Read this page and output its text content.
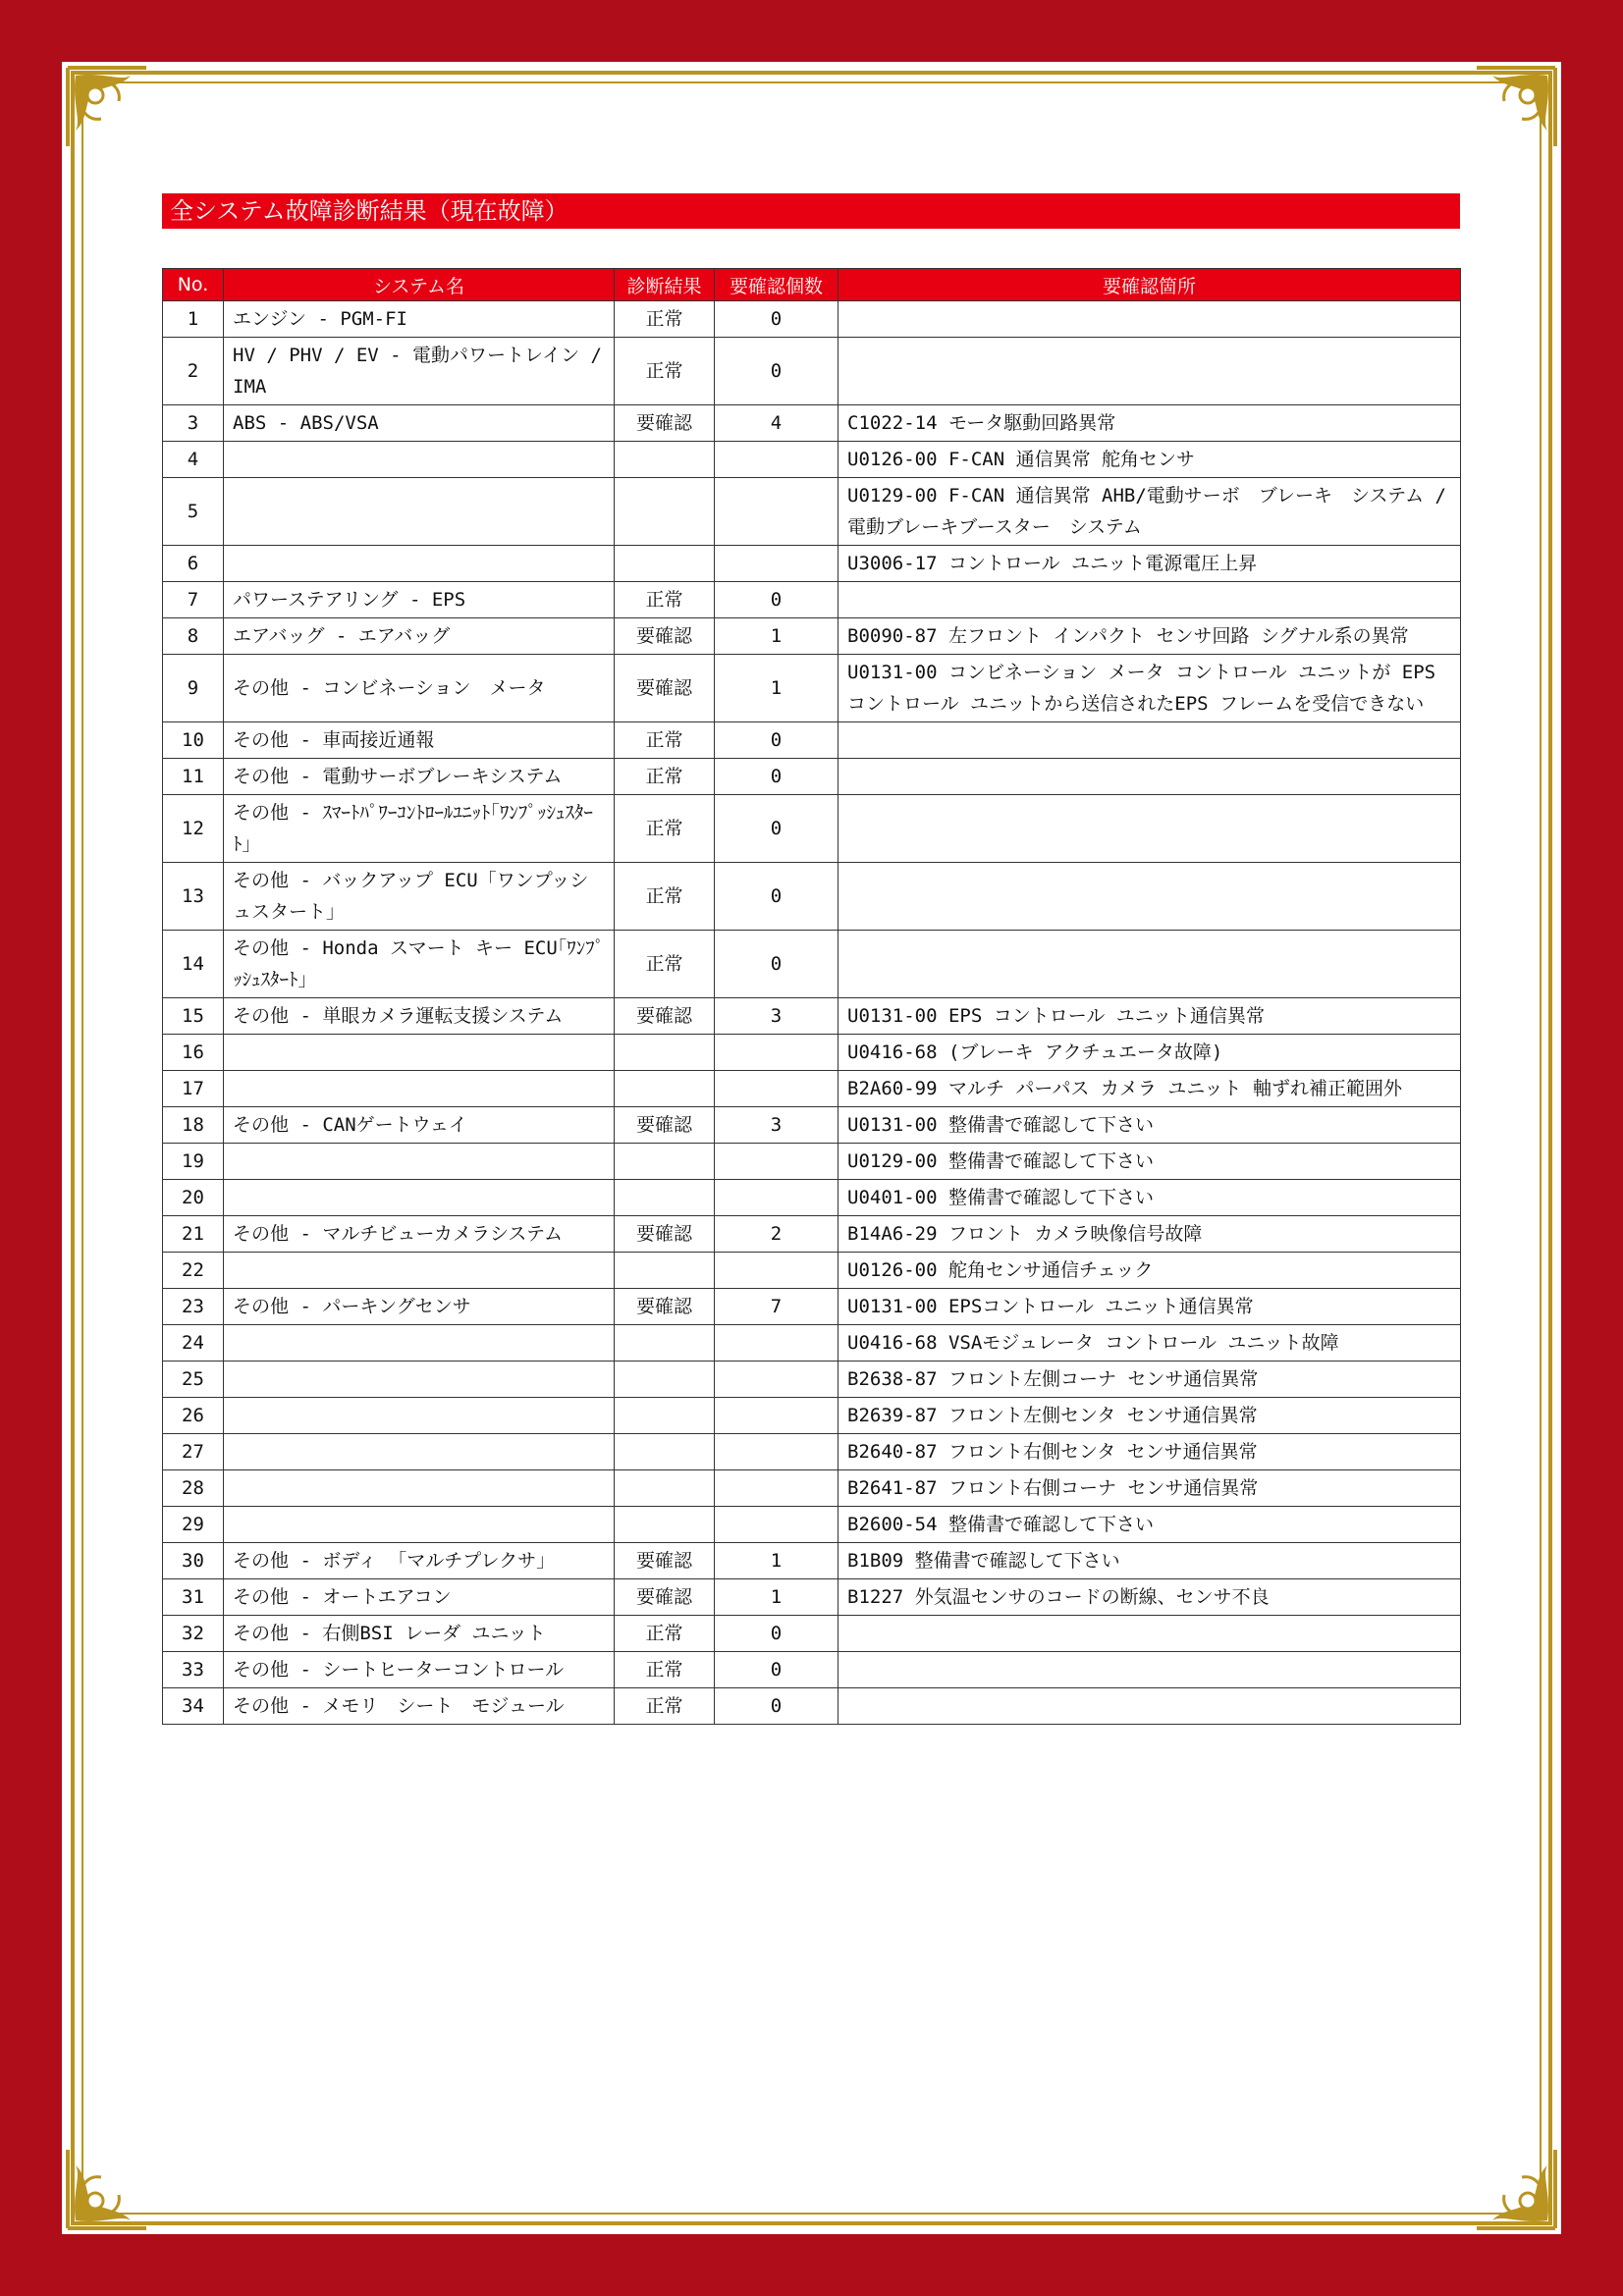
全システム故障診断結果（現在故障）
No.	システム名	診断結果	要確認個数	要確認箇所
1	エンジン - PGM-FI	正常	0	
2	HV / PHV / EV - 電動パワートレイン /IMA	正常	0	
3	ABS - ABS/VSA	要確認	4	C1022-14 モータ駆動回路異常
4				U0126-00 F-CAN 通信異常 舵角センサ
5				U0129-00 F-CAN 通信異常 AHB/電動サーボ　ブレーキ　システム /電動ブレーキブースター　システム
6				U3006-17 コントロール ユニット電源電圧上昇
7	パワーステアリング - EPS	正常	0	
8	エアバッグ - エアバッグ	要確認	1	B0090-87 左フロント インパクト センサ回路 シグナル系の異常
9	その他 - コンビネーション　メータ	要確認	1	U0131-00 コンビネーション メータ コントロール ユニットが EPS コントロール ユニットから送信されたEPS フレームを受信できない
10	その他 - 車両接近通報	正常	0	
11	その他 - 電動サーボブレーキシステム	正常	0	
12	その他 - ｽﾏｰﾄﾊﾟﾜｰｺﾝﾄﾛｰﾙﾕﾆｯﾄ｢ﾜﾝﾌﾟｯｼｭｽﾀｰﾄ｣	正常	0	
13	その他 - バックアップ ECU「ワンプッシュスタート」	正常	0	
14	その他 - Honda スマート キー ECU｢ﾜﾝﾌﾟｯｼｭｽﾀｰﾄ｣	正常	0	
15	その他 - 単眼カメラ運転支援システム	要確認	3	U0131-00 EPS コントロール ユニット通信異常
16				U0416-68 (ブレーキ アクチュエータ故障)
17				B2A60-99 マルチ パーパス カメラ ユニット 軸ずれ補正範囲外
18	その他 - CANゲートウェイ	要確認	3	U0131-00 整備書で確認して下さい
19				U0129-00 整備書で確認して下さい
20				U0401-00 整備書で確認して下さい
21	その他 - マルチビューカメラシステム	要確認	2	B14A6-29 フロント カメラ映像信号故障
22				U0126-00 舵角センサ通信チェック
23	その他 - パーキングセンサ	要確認	7	U0131-00 EPSコントロール ユニット通信異常
24				U0416-68 VSAモジュレータ コントロール ユニット故障
25				B2638-87 フロント左側コーナ センサ通信異常
26				B2639-87 フロント左側センタ センサ通信異常
27				B2640-87 フロント右側センタ センサ通信異常
28				B2641-87 フロント右側コーナ センサ通信異常
29				B2600-54 整備書で確認して下さい
30	その他 - ボディ 「マルチプレクサ」	要確認	1	B1B09 整備書で確認して下さい
31	その他 - オートエアコン	要確認	1	B1227 外気温センサのコードの断線、センサ不良
32	その他 - 右側BSI レーダ ユニット	正常	0	
33	その他 - シートヒーターコントロール	正常	0	
34	その他 - メモリ　シート　モジュール	正常	0	
